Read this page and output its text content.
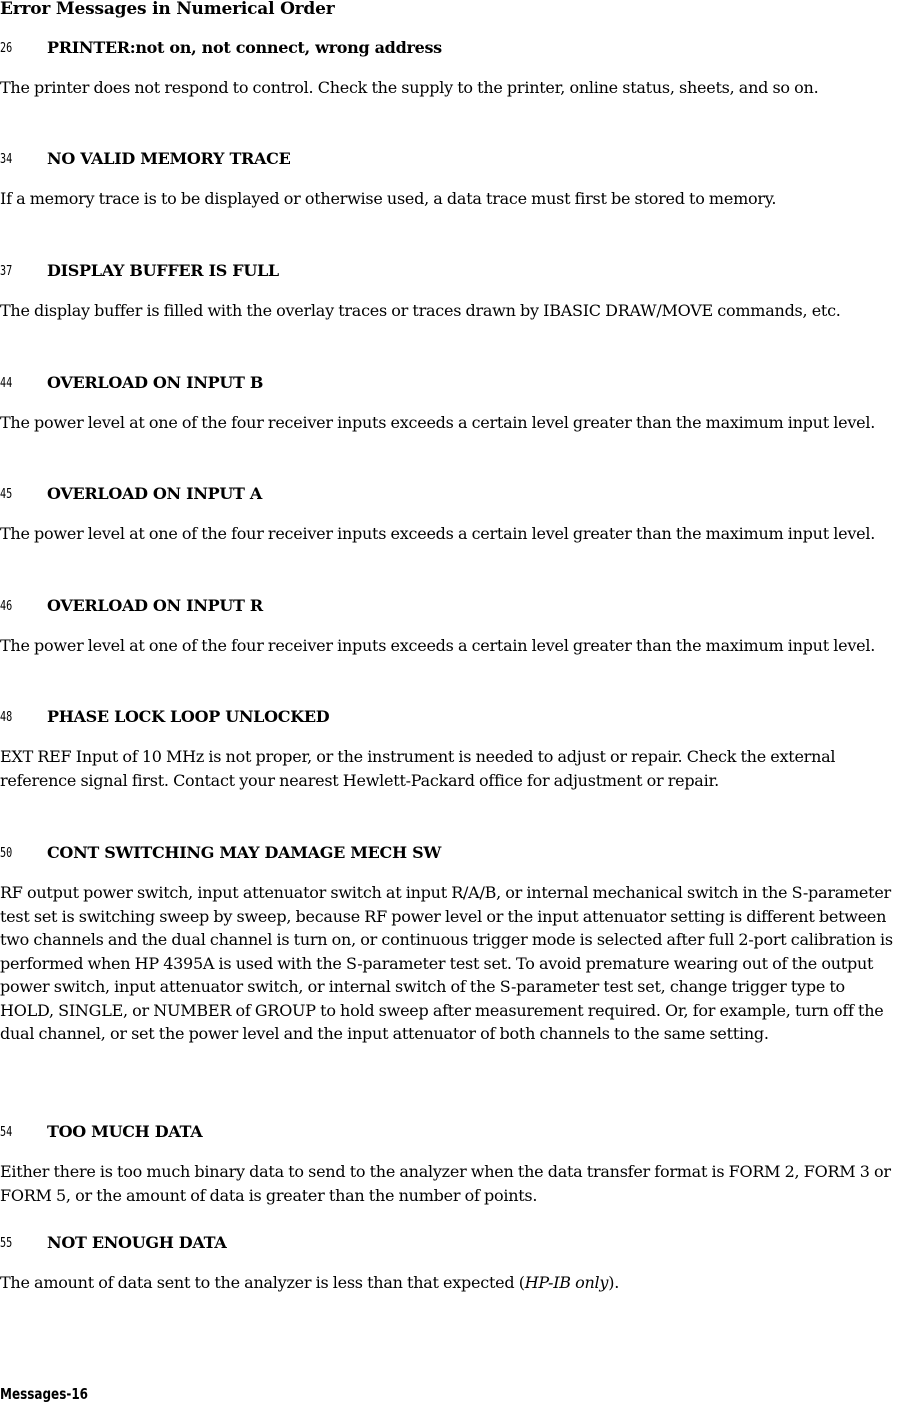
Error Messages in Numerical Order
26 PRINTER:not on, not connect, wrong address

The printer does not respond to control. Check the supply to the printer, online status, sheets, and so on.

34 NO VALID MEMORY TRACE

If a memory trace is to be displayed or otherwise used, a data trace must first be stored to memory.

37 DISPLAY BUFFER IS FULL

The display buffer is filled with the overlay traces or traces drawn by IBASIC DRAW/MOVE commands, etc.

44 OVERLOAD ON INPUT B

The power level at one of the four receiver inputs exceeds a certain level greater than the maximum input level.

45 OVERLOAD ON INPUT A

The power level at one of the four receiver inputs exceeds a certain level greater than the maximum input level.

46 OVERLOAD ON INPUT R

The power level at one of the four receiver inputs exceeds a certain level greater than the maximum input level.

48 PHASE LOCK LOOP UNLOCKED

EXT REF Input of 10 MHz is not proper, or the instrument is needed to adjust or repair. Check the external reference signal first. Contact your nearest Hewlett-Packard office for adjustment or repair.

50 CONT SWITCHING MAY DAMAGE MECH SW

RF output power switch, input attenuator switch at input R/A/B, or internal mechanical switch in the S-parameter test set is switching sweep by sweep, because RF power level or the input attenuator setting is different between two channels and the dual channel is turn on, or continuous trigger mode is selected after full 2-port calibration is performed when HP 4395A is used with the S-parameter test set. To avoid premature wearing out of the output power switch, input attenuator switch, or internal switch of the S-parameter test set, change trigger type to HOLD, SINGLE, or NUMBER of GROUP to hold sweep after measurement required. Or, for example, turn off the dual channel, or set the power level and the input attenuator of both channels to the same setting.

54 TOO MUCH DATA

Either there is too much binary data to send to the analyzer when the data transfer format is FORM 2, FORM 3 or FORM 5, or the amount of data is greater than the number of points.

55 NOT ENOUGH DATA

The amount of data sent to the analyzer is less than that expected (HP-IB only).

Messages-16
